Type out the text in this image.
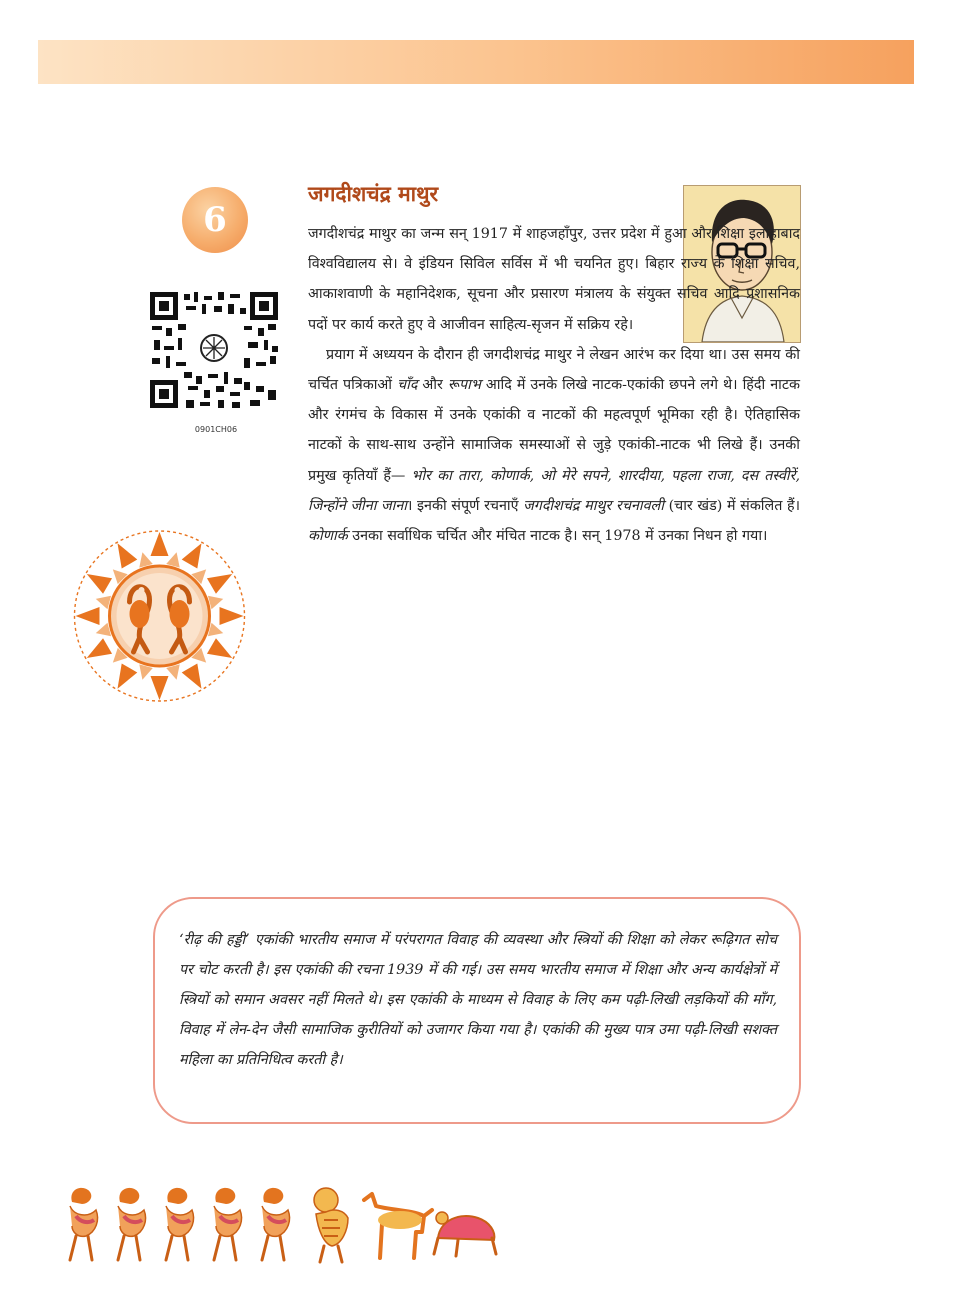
6
0901CH06
जगदीशचंद्र माथुर

जगदीशचंद्र माथुर का जन्म सन् 1917 में शाहजहाँपुर, उत्तर प्रदेश में हुआ और शिक्षा इलाहाबाद विश्वविद्यालय से। वे इंडियन सिविल सर्विस में भी चयनित हुए। बिहार राज्य के शिक्षा सचिव, आकाशवाणी के महानिदेशक, सूचना और प्रसारण मंत्रालय के संयुक्त सचिव आदि प्रशासनिक पदों पर कार्य करते हुए वे आजीवन साहित्य-सृजन में सक्रिय रहे।

प्रयाग में अध्ययन के दौरान ही जगदीशचंद्र माथुर ने लेखन आरंभ कर दिया था। उस समय की चर्चित पत्रिकाओं चाँद और रूपाभ आदि में उनके लिखे नाटक-एकांकी छपने लगे थे। हिंदी नाटक और रंगमंच के विकास में उनके एकांकी व नाटकों की महत्वपूर्ण भूमिका रही है। ऐतिहासिक नाटकों के साथ-साथ उन्होंने सामाजिक समस्याओं से जुड़े एकांकी-नाटक भी लिखे हैं। उनकी प्रमुख कृतियाँ हैं— भोर का तारा, कोणार्क, ओ मेरे सपने, शारदीया, पहला राजा, दस तस्वीरें, जिन्होंने जीना जाना। इनकी संपूर्ण रचनाएँ जगदीशचंद्र माथुर रचनावली (चार खंड) में संकलित हैं। कोणार्क उनका सर्वाधिक चर्चित और मंचित नाटक है। सन् 1978 में उनका निधन हो गया।

‘रीढ़ की हड्डी’ एकांकी भारतीय समाज में परंपरागत विवाह की व्यवस्था और स्त्रियों की शिक्षा को लेकर रूढ़िगत सोच पर चोट करती है। इस एकांकी की रचना 1939 में की गई। उस समय भारतीय समाज में शिक्षा और अन्य कार्यक्षेत्रों में स्त्रियों को समान अवसर नहीं मिलते थे। इस एकांकी के माध्यम से विवाह के लिए कम पढ़ी-लिखी लड़कियों की माँग, विवाह में लेन-देन जैसी सामाजिक कुरीतियों को उजागर किया गया है। एकांकी की मुख्य पात्र उमा पढ़ी-लिखी सशक्त महिला का प्रतिनिधित्व करती है।
